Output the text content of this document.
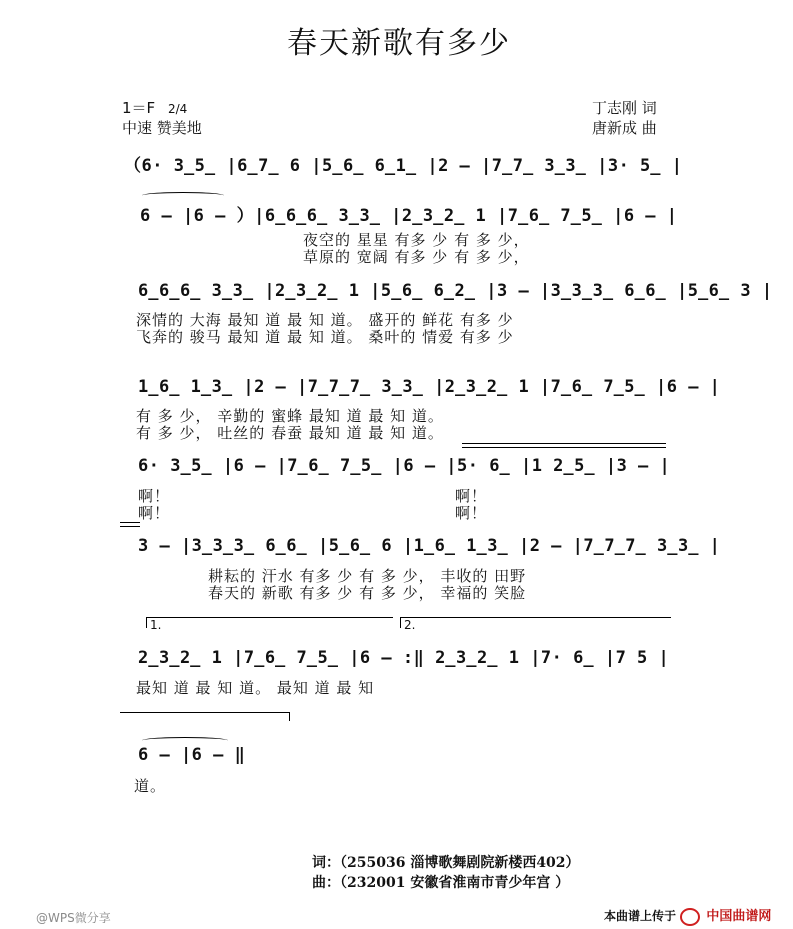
春天新歌有多少
1＝F 2/4
中速 赞美地
丁志刚 词
唐新成 曲
（6· 3̲5̲ |6̲7̲ 6 |5̲6̲ 6̲1̲ |2 — |7̲7̲ 3̲3̲ |3· 5̲ |
6 — |6 — ）|6̲6̲6̲ 3̲3̲ |2̲3̲2̲ 1 |7̲6̲ 7̲5̲ |6 — |
夜空的 星星 有多 少 有 多 少，
草原的 宽阔 有多 少 有 多 少，
6̲6̲6̲ 3̲3̲ |2̲3̲2̲ 1 |5̲6̲ 6̲2̲ |3 — |3̲3̲3̲ 6̲6̲ |5̲6̲ 3 |
深情的 大海 最知 道 最 知 道。 盛开的 鲜花 有多 少
飞奔的 骏马 最知 道 最 知 道。 桑叶的 情爱 有多 少
1̲6̲ 1̲3̲ |2 — |7̲7̲7̲ 3̲3̲ |2̲3̲2̲ 1 |7̲6̲ 7̲5̲ |6 — |
有 多 少， 辛勤的 蜜蜂 最知 道 最 知 道。
有 多 少， 吐丝的 春蚕 最知 道 最 知 道。
6· 3̲5̲ |6 — |7̲6̲ 7̲5̲ |6 — |5· 6̲ |1 2̲5̲ |3 — |
啊！
啊！
啊！
啊！
3 — |3̲3̲3̲ 6̲6̲ |5̲6̲ 6 |1̲6̲ 1̲3̲ |2 — |7̲7̲7̲ 3̲3̲ |
耕耘的 汗水 有多 少 有 多 少， 丰收的 田野
春天的 新歌 有多 少 有 多 少， 幸福的 笑脸
1.	2.
2̲3̲2̲ 1 |7̲6̲ 7̲5̲ |6 — :‖ 2̲3̲2̲ 1 |7· 6̲ |7 5 |
最知 道 最 知 道。 最知 道 最 知
6 — |6 — ‖
道。
词：（255036 淄博歌舞剧院新楼西402）
曲：（232001 安徽省淮南市青少年宫 ）
@WPS微分享	本曲谱上传于 中国曲谱网
